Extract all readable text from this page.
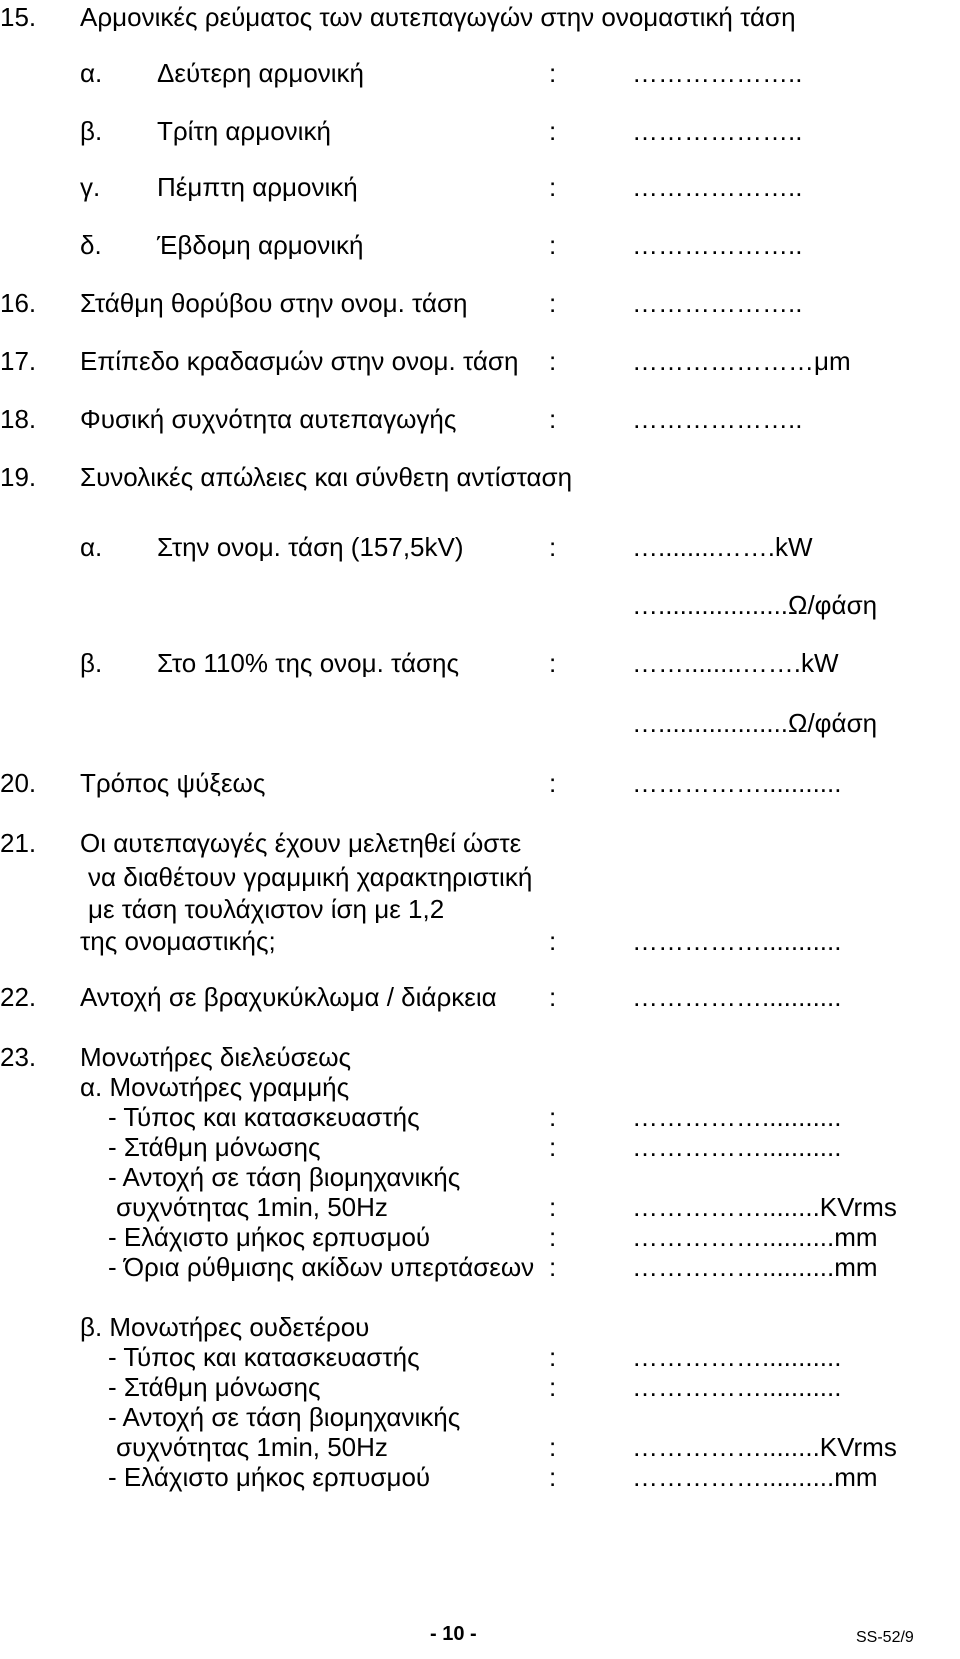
15. Αρμονικές ρεύματος των αυτεπαγωγών στην ονομαστική τάση
α. Δεύτερη αρμονική	:	………………..
β. Τρίτη αρμονική	:	………………..
γ. Πέμπτη αρμονική	:	………………..
δ. Έβδομη αρμονική	:	………………..
16. Στάθμη θορύβου στην ονομ. τάση	:	………………..
17. Επίπεδο κραδασμών στην ονομ. τάση :	…………………μm
18. Φυσική συχνότητα αυτεπαγωγής	:	………………..
19. Συνολικές απώλειες και σύνθετη αντίσταση
α. Στην ονομ. τάση (157,5kV)	:	…........…….kW
…..................Ω/φάση
β. Στο 110% της ονομ. τάσης	:	……........…….kW
…..................Ω/φάση
20. Τρόπος ψύξεως	:	……………...........
21. Οι αυτεπαγωγές έχουν μελετηθεί ώστε
να διαθέτουν γραμμική χαρακτηριστική
με τάση τουλάχιστον ίση με 1,2
της ονομαστικής;	:	……………...........
22. Αντοχή σε βραχυκύκλωμα / διάρκεια :	……………...........
23. Μονωτήρες διελεύσεως
α. Μονωτήρες γραμμής
- Τύπος και κατασκευαστής	:	……………...........
- Στάθμη μόνωσης	:	……………...........
- Αντοχή σε τάση βιομηχανικής
συχνότητας 1min, 50Hz	:	……………........KVrms
- Ελάχιστο μήκος ερπυσμού	:	……………..........mm
- Όρια ρύθμισης ακίδων υπερτάσεων :	……………..........mm
β. Μονωτήρες ουδετέρου
- Τύπος και κατασκευαστής	:	……………...........
- Στάθμη μόνωσης	:	……………...........
- Αντοχή σε τάση βιομηχανικής
συχνότητας 1min, 50Hz	:	……………........KVrms
- Ελάχιστο μήκος ερπυσμού	:	……………..........mm
- 10 -	SS-52/9
